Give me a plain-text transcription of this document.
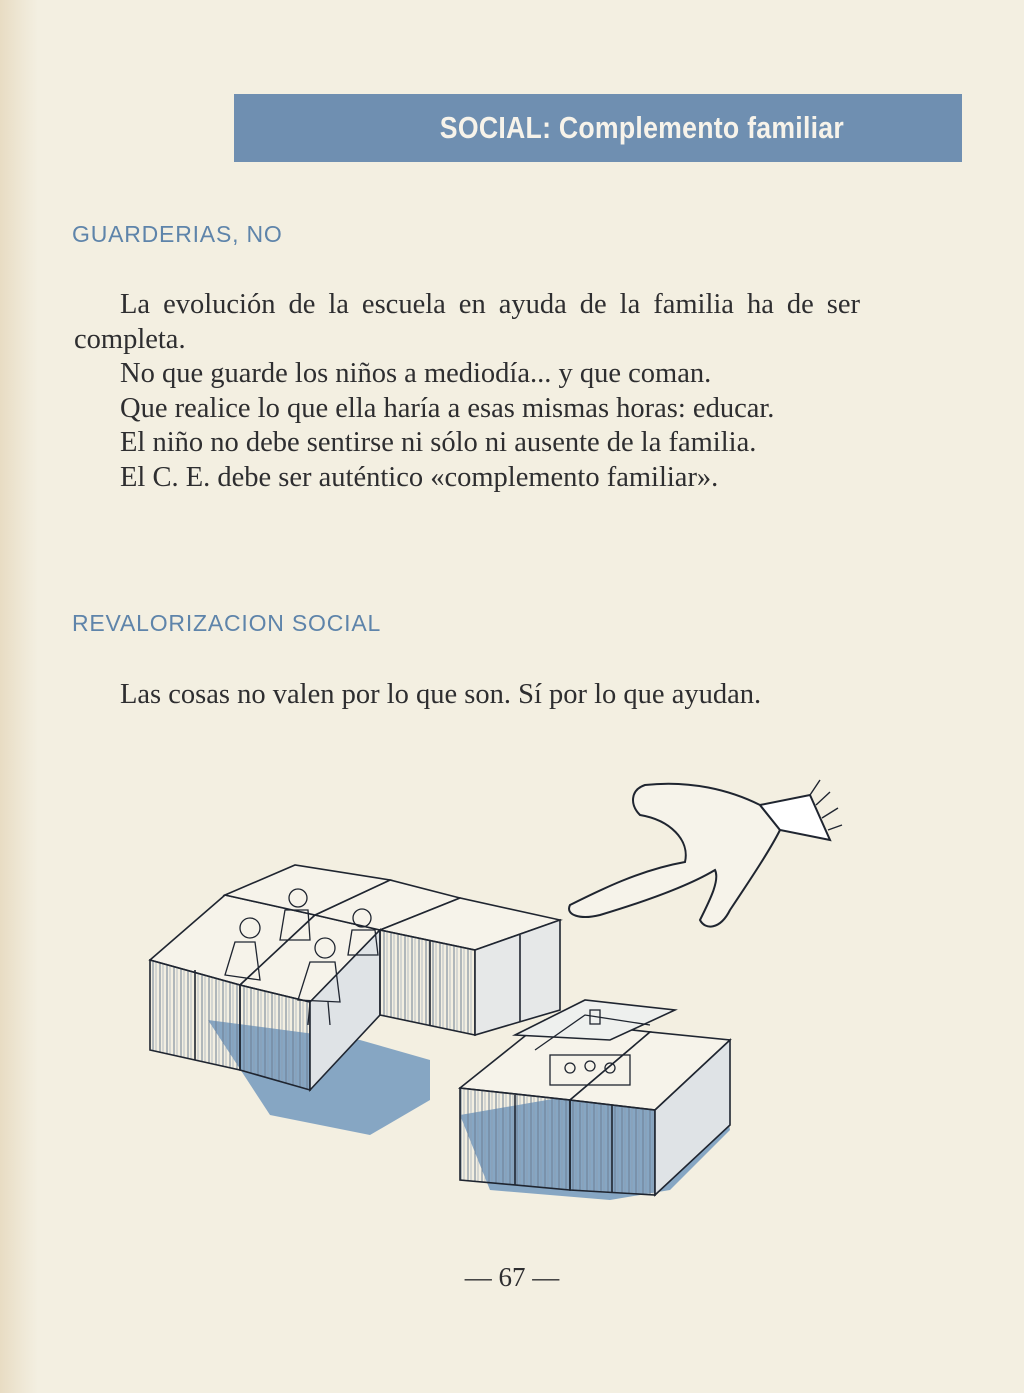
SOCIAL: Complemento familiar
GUARDERIAS, NO

La evolución de la escuela en ayuda de la familia ha de ser completa.

No que guarde los niños a mediodía... y que coman.

Que realice lo que ella haría a esas mismas horas: educar.

El niño no debe sentirse ni sólo ni ausente de la familia.

El C. E. debe ser auténtico «complemento familiar».

REVALORIZACION SOCIAL

Las cosas no valen por lo que son. Sí por lo que ayudan.

— 67 —
